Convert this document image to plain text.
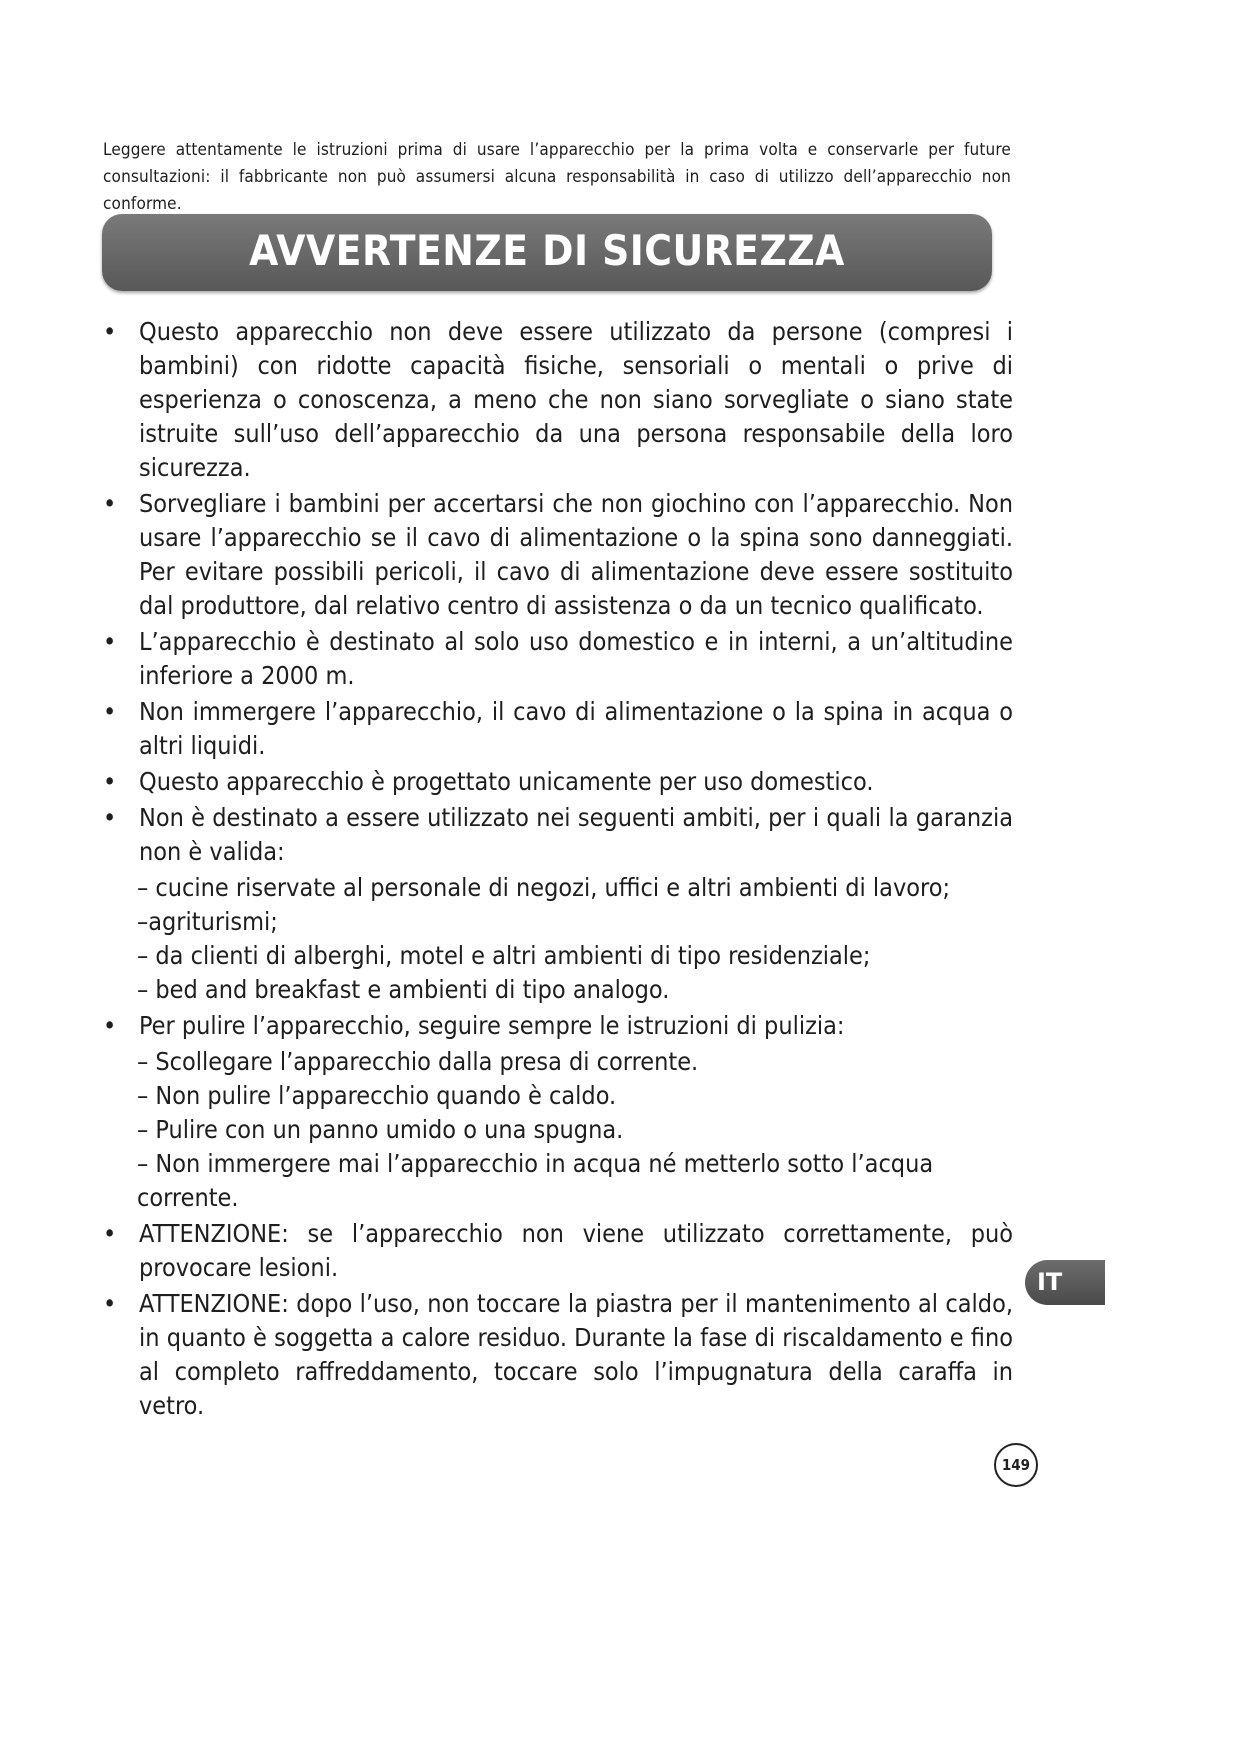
Leggere attentamente le istruzioni prima di usare l’apparecchio per la prima volta e conservarle per future consultazioni: il fabbricante non può assumersi alcuna responsabilità in caso di utilizzo dell’apparecchio non conforme.

AVVERTENZE DI SICUREZZA
• Questo apparecchio non deve essere utilizzato da persone (compresi i bambini) con ridotte capacità fisiche, sensoriali o mentali o prive di esperienza o conoscenza, a meno che non siano sorvegliate o siano state istruite sull’uso dell’apparecchio da una persona responsabile della loro sicurezza.
• Sorvegliare i bambini per accertarsi che non giochino con l’apparecchio. Non usare l’apparecchio se il cavo di alimentazione o la spina sono danneggiati. Per evitare possibili pericoli, il cavo di alimentazione deve essere sostituito dal produttore, dal relativo centro di assistenza o da un tecnico qualificato.
• L’apparecchio è destinato al solo uso domestico e in interni, a un’altitudine inferiore a 2000 m.
• Non immergere l’apparecchio, il cavo di alimentazione o la spina in acqua o altri liquidi.
• Questo apparecchio è progettato unicamente per uso domestico.
• Non è destinato a essere utilizzato nei seguenti ambiti, per i quali la garanzia non è valida:
– cucine riservate al personale di negozi, uffici e altri ambienti di lavoro;
–agriturismi;
– da clienti di alberghi, motel e altri ambienti di tipo residenziale;
– bed and breakfast e ambienti di tipo analogo.
• Per pulire l’apparecchio, seguire sempre le istruzioni di pulizia:
– Scollegare l’apparecchio dalla presa di corrente.
– Non pulire l’apparecchio quando è caldo.
– Pulire con un panno umido o una spugna.
– Non immergere mai l’apparecchio in acqua né metterlo sotto l’acqua corrente.
• ATTENZIONE: se l’apparecchio non viene utilizzato correttamente, può provocare lesioni.
• ATTENZIONE: dopo l’uso, non toccare la piastra per il mantenimento al caldo, in quanto è soggetta a calore residuo. Durante la fase di riscaldamento e fino al completo raffreddamento, toccare solo l’impugnatura della caraffa in vetro.
IT
149
